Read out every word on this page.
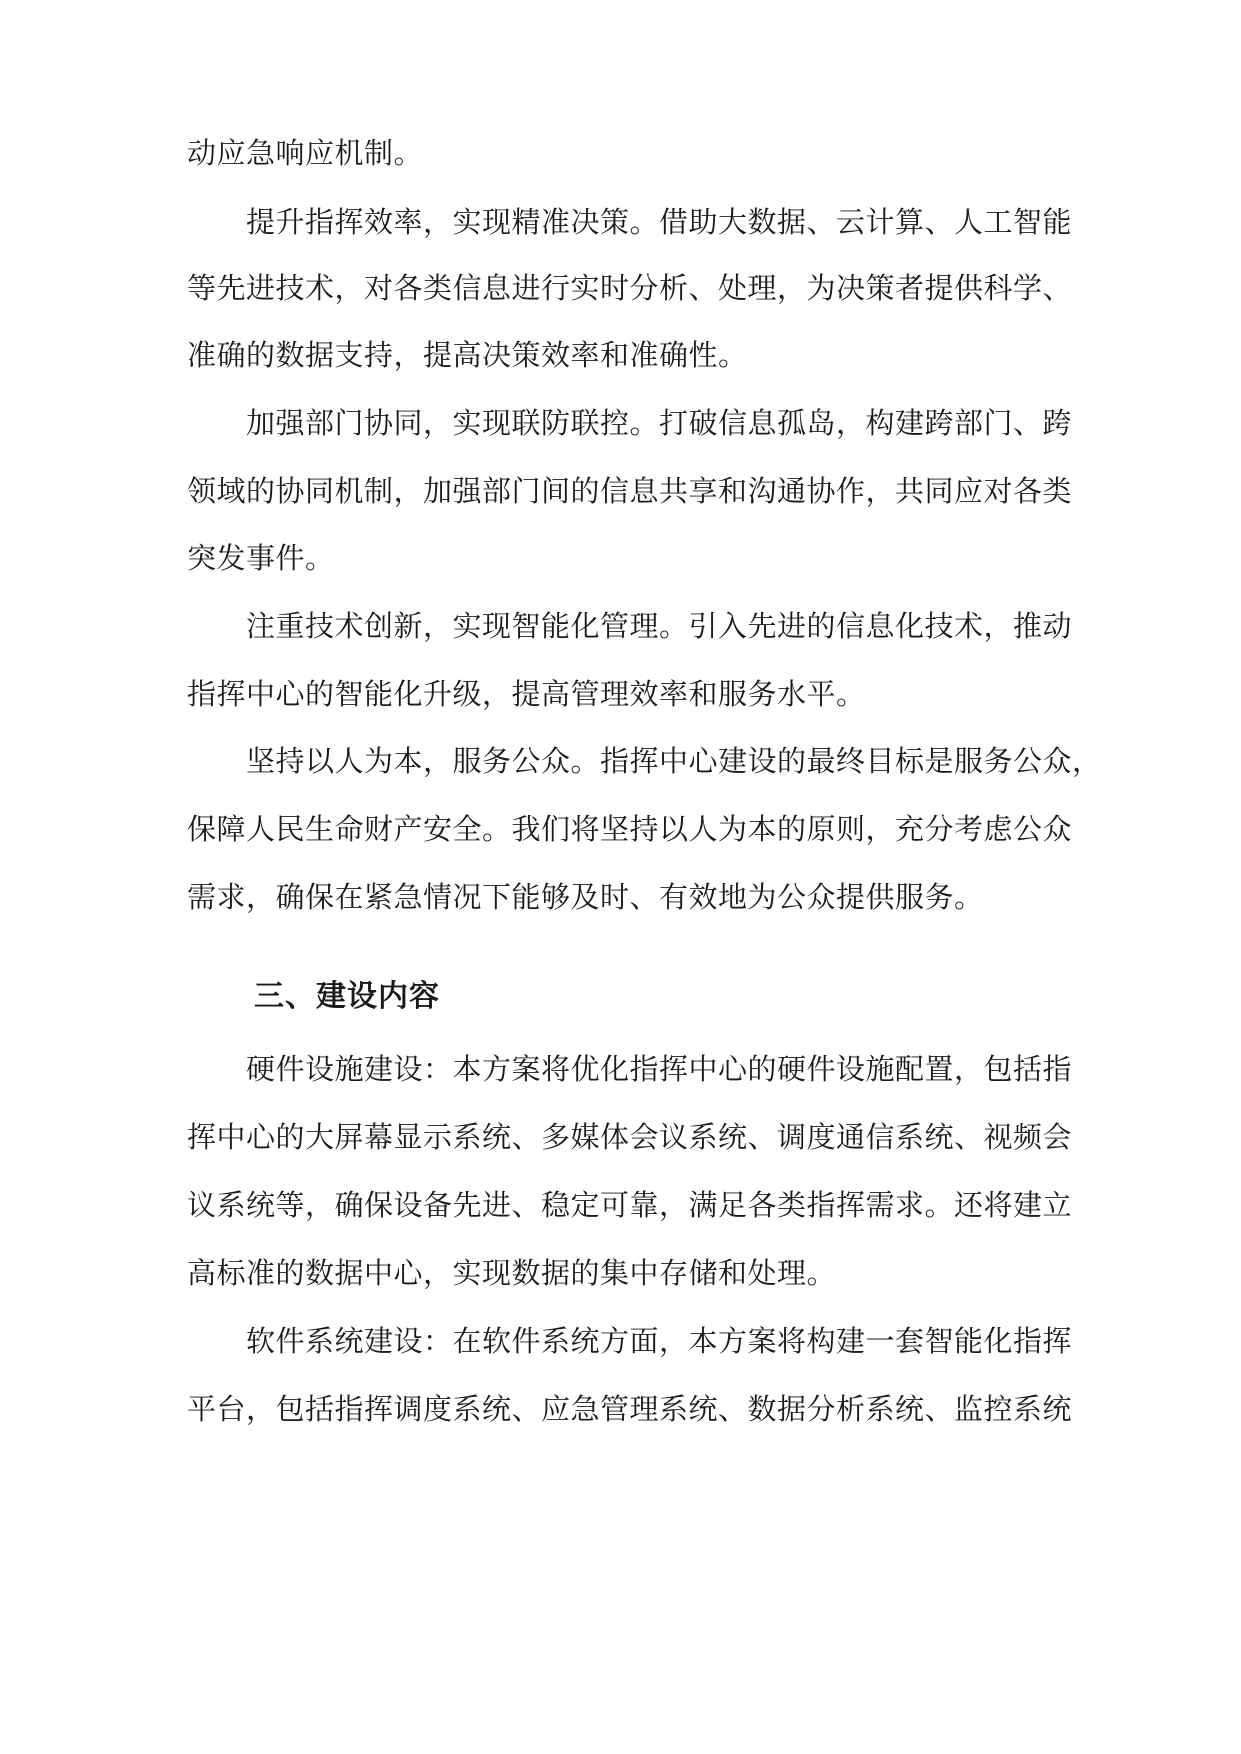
动应急响应机制。
提升指挥效率，实现精准决策。借助大数据、云计算、人工智能
等先进技术，对各类信息进行实时分析、处理，为决策者提供科学、
准确的数据支持，提高决策效率和准确性。
加强部门协同，实现联防联控。打破信息孤岛，构建跨部门、跨
领域的协同机制，加强部门间的信息共享和沟通协作，共同应对各类
突发事件。
注重技术创新，实现智能化管理。引入先进的信息化技术，推动
指挥中心的智能化升级，提高管理效率和服务水平。
坚持以人为本，服务公众。指挥中心建设的最终目标是服务公众，
保障人民生命财产安全。我们将坚持以人为本的原则，充分考虑公众
需求，确保在紧急情况下能够及时、有效地为公众提供服务。
三、建设内容
硬件设施建设：本方案将优化指挥中心的硬件设施配置，包括指
挥中心的大屏幕显示系统、多媒体会议系统、调度通信系统、视频会
议系统等，确保设备先进、稳定可靠，满足各类指挥需求。还将建立
高标准的数据中心，实现数据的集中存储和处理。
软件系统建设：在软件系统方面，本方案将构建一套智能化指挥
平台，包括指挥调度系统、应急管理系统、数据分析系统、监控系统
